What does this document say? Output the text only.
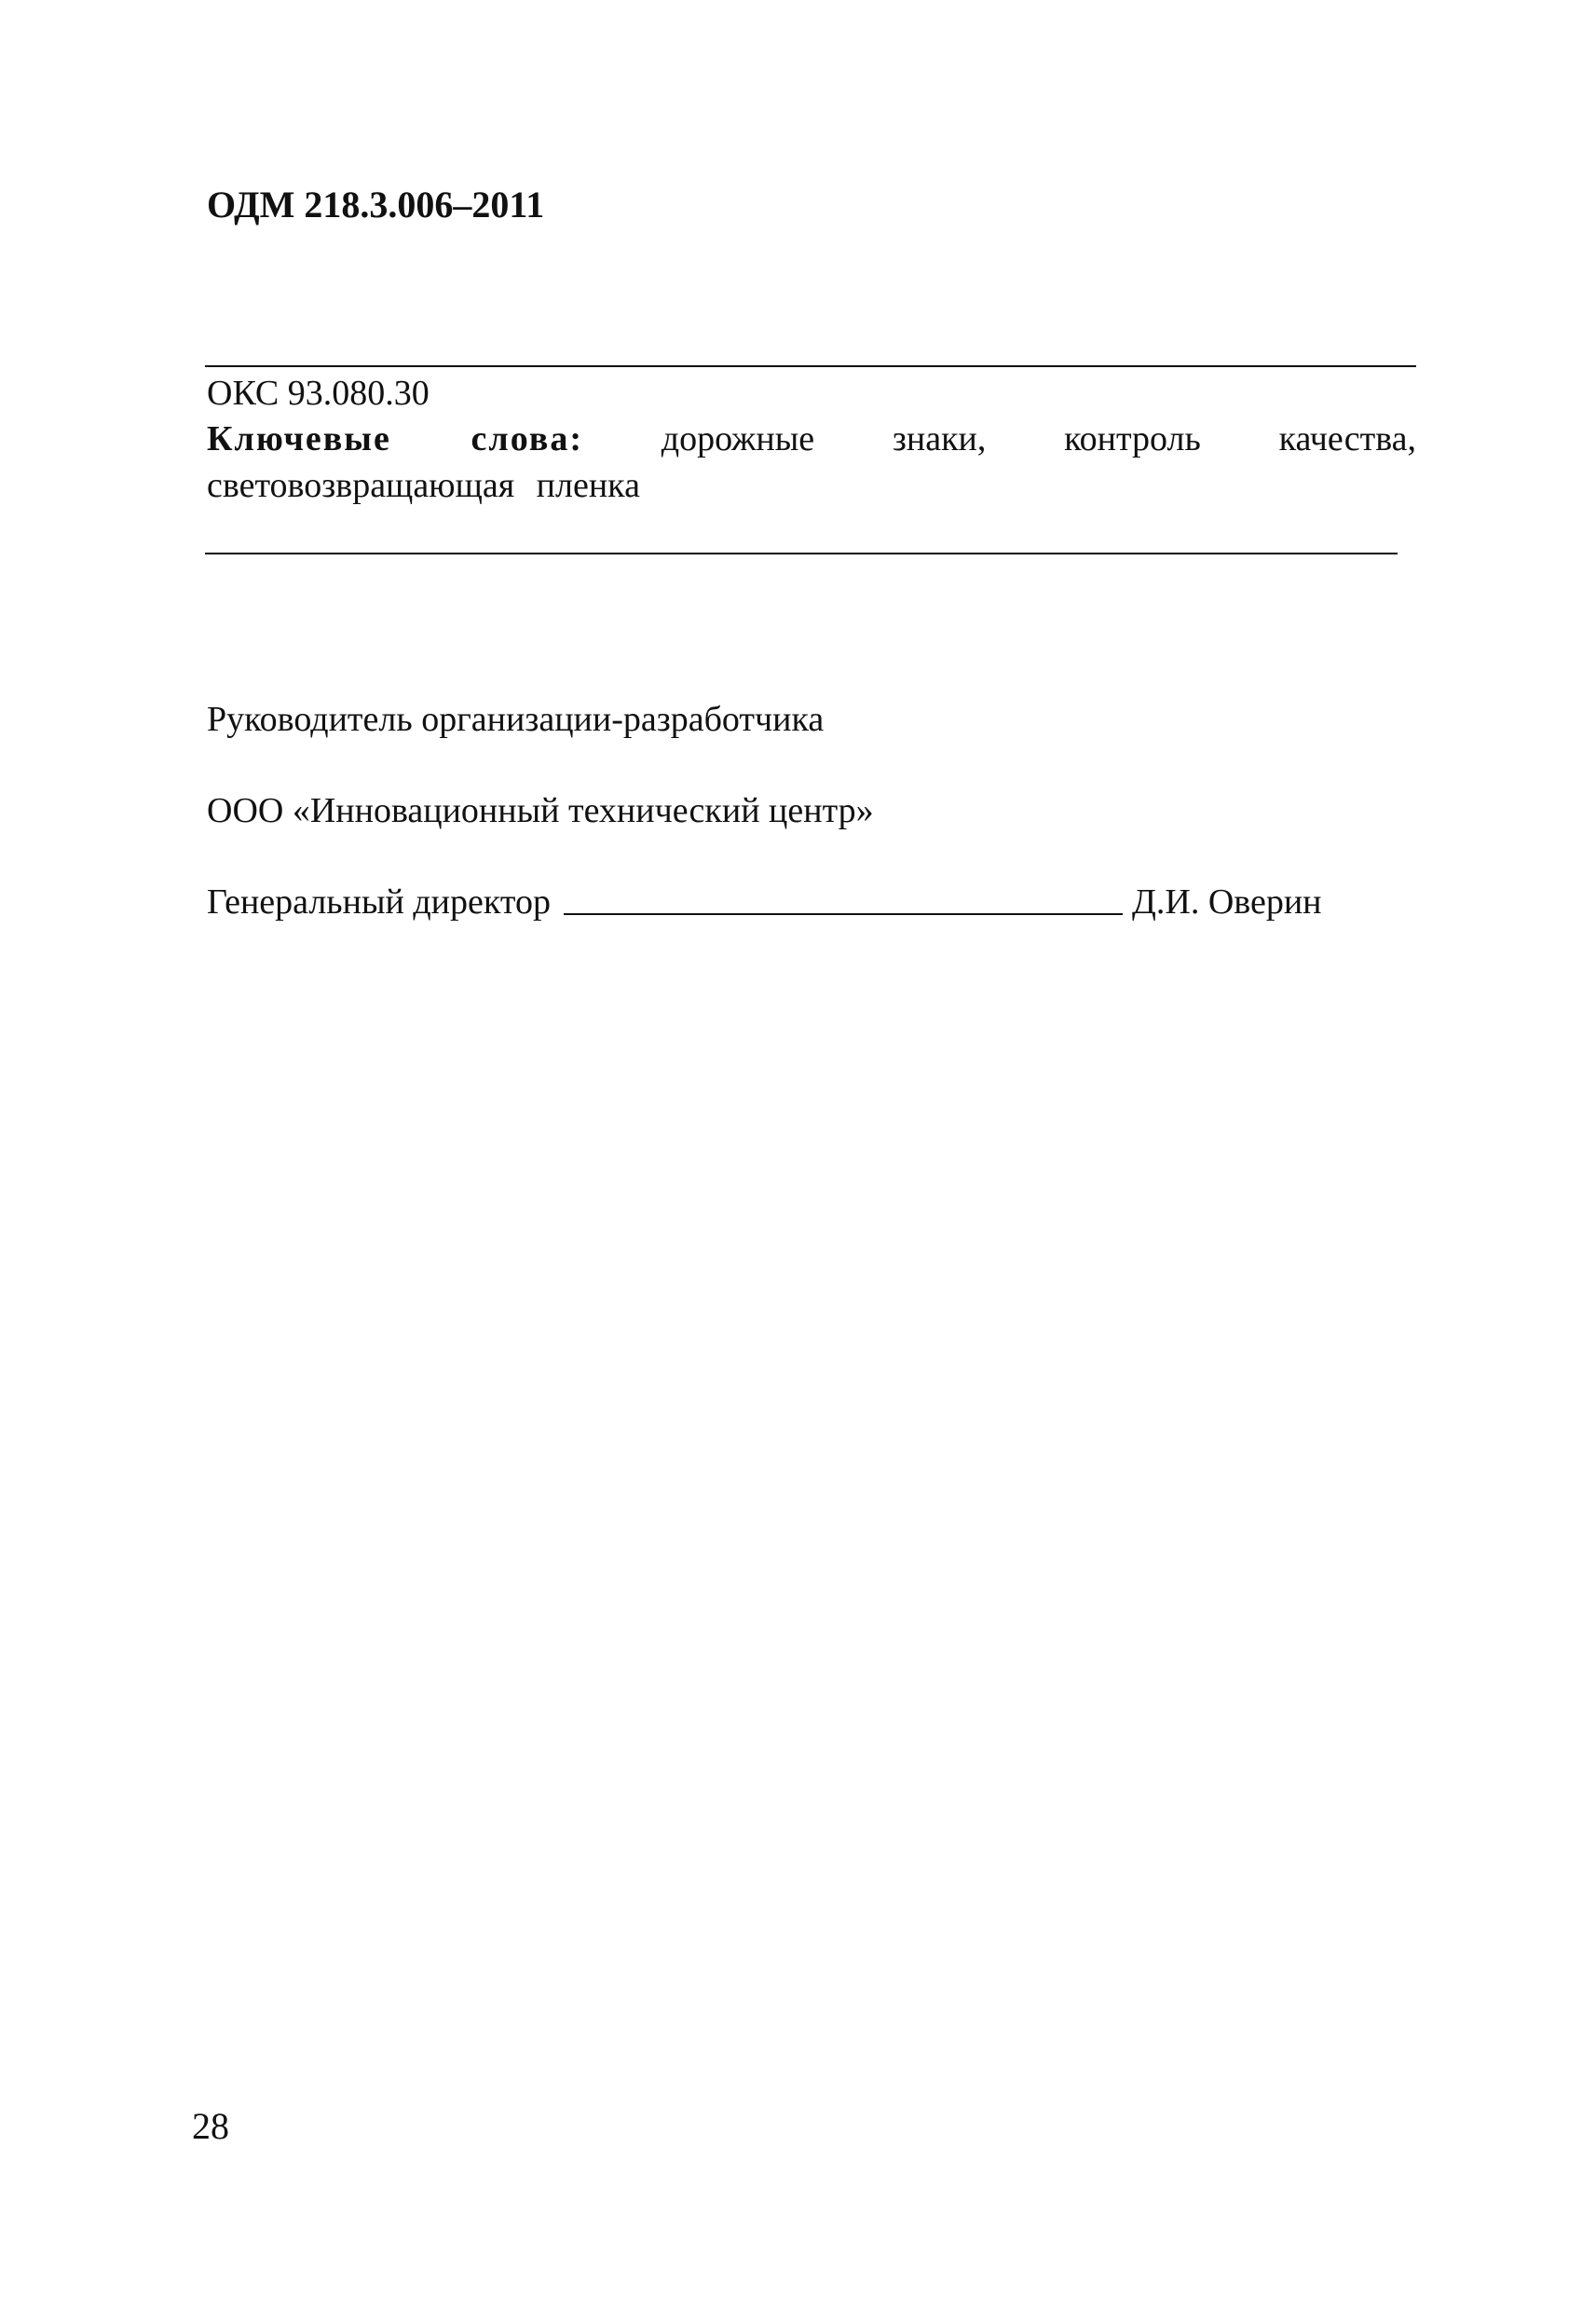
ОДМ 218.3.006–2011
ОКС 93.080.30
Ключевые слова: дорожные знаки, контроль качества, световозвращающая пленка
Руководитель организации-разработчика
ООО «Инновационный технический центр»
Генеральный директор	Д.И. Оверин
28
